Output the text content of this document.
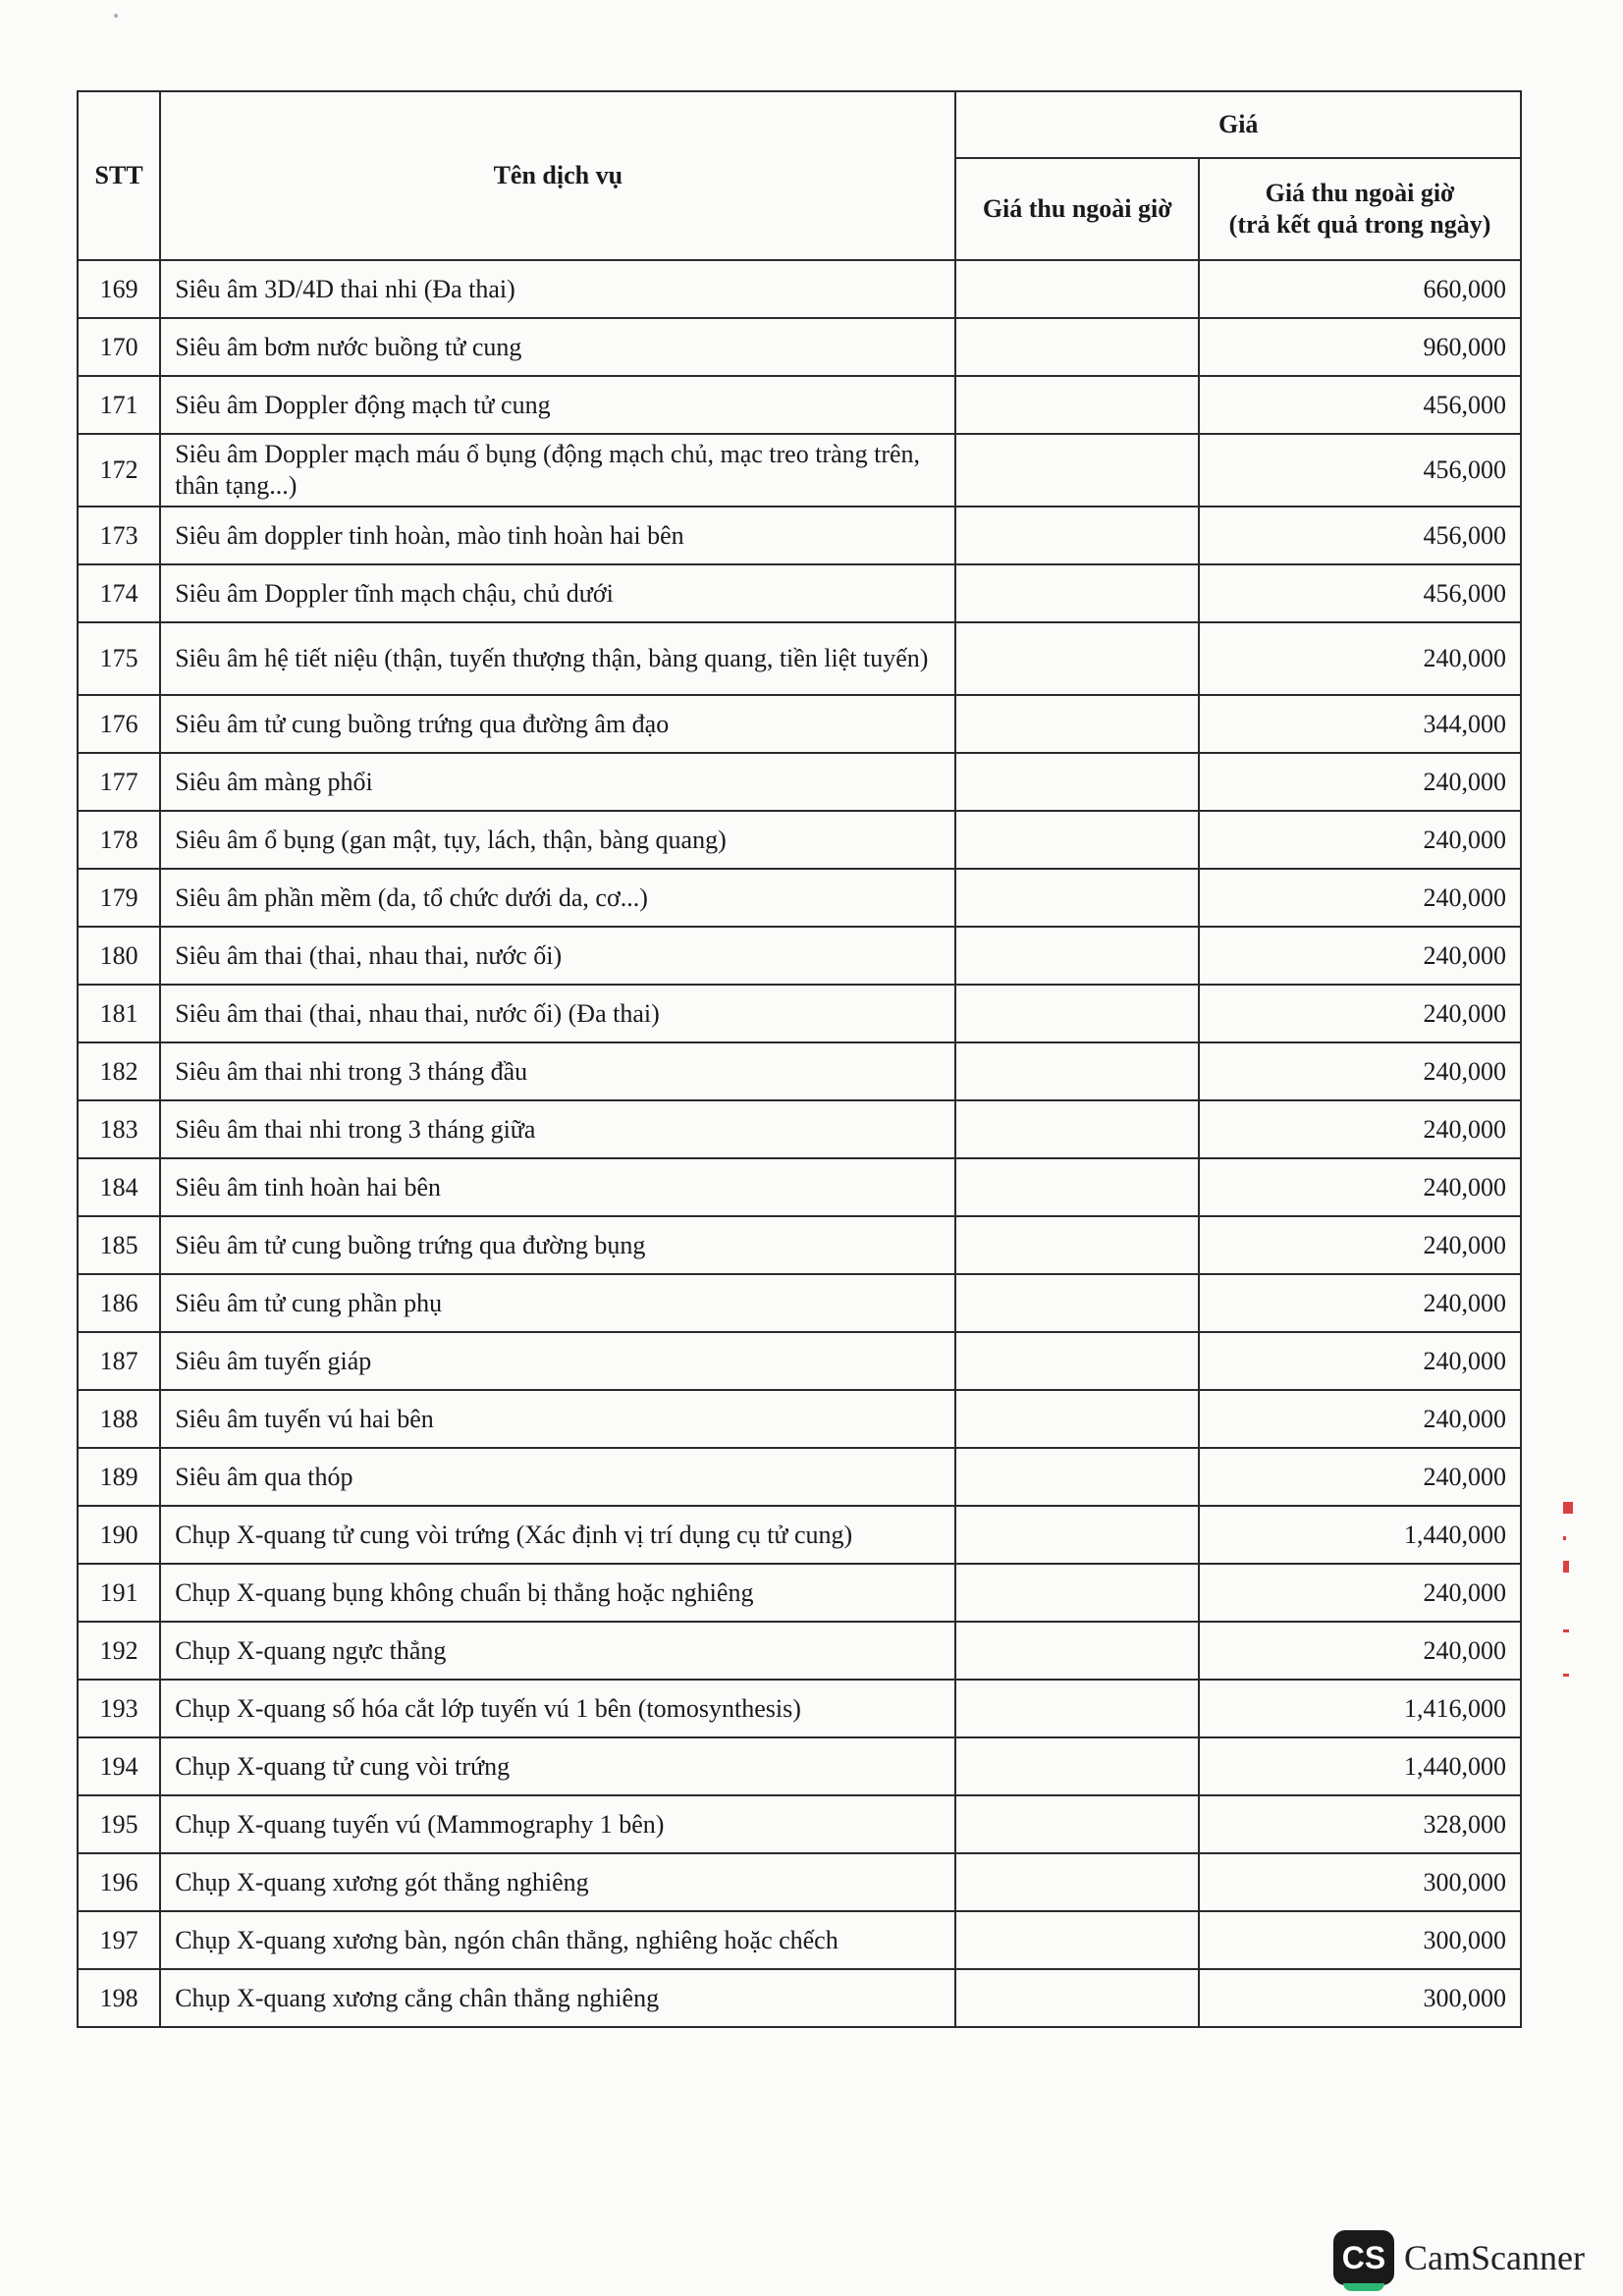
STT	Tên dịch vụ	Giá	
		Giá thu ngoài giờ	Giá thu ngoài giờ
(trả kết quả trong ngày)

169	Siêu âm 3D/4D thai nhi (Đa thai)		660,000
170	Siêu âm bơm nước buồng tử cung		960,000
171	Siêu âm Doppler động mạch tử cung		456,000
172	Siêu âm Doppler mạch máu ổ bụng (động mạch chủ, mạc treo tràng trên, thân tạng...)		456,000
173	Siêu âm doppler tinh hoàn, mào tinh hoàn hai bên		456,000
174	Siêu âm Doppler tĩnh mạch chậu, chủ dưới		456,000
175	Siêu âm hệ tiết niệu (thận, tuyến thượng thận, bàng quang, tiền liệt tuyến)		240,000
176	Siêu âm tử cung buồng trứng qua đường âm đạo		344,000
177	Siêu âm màng phổi		240,000
178	Siêu âm ổ bụng (gan mật, tụy, lách, thận, bàng quang)		240,000
179	Siêu âm phần mềm (da, tổ chức dưới da, cơ...)		240,000
180	Siêu âm thai (thai, nhau thai, nước ối)		240,000
181	Siêu âm thai (thai, nhau thai, nước ối) (Đa thai)		240,000
182	Siêu âm thai nhi trong 3 tháng đầu		240,000
183	Siêu âm thai nhi trong 3 tháng giữa		240,000
184	Siêu âm tinh hoàn hai bên		240,000
185	Siêu âm tử cung buồng trứng qua đường bụng		240,000
186	Siêu âm tử cung phần phụ		240,000
187	Siêu âm tuyến giáp		240,000
188	Siêu âm tuyến vú hai bên		240,000
189	Siêu âm qua thóp		240,000
190	Chụp X-quang tử cung vòi trứng (Xác định vị trí dụng cụ tử cung)		1,440,000
191	Chụp X-quang bụng không chuẩn bị thẳng hoặc nghiêng		240,000
192	Chụp X-quang ngực thẳng		240,000
193	Chụp X-quang số hóa cắt lớp tuyến vú 1 bên (tomosynthesis)		1,416,000
194	Chụp X-quang tử cung vòi trứng		1,440,000
195	Chụp X-quang tuyến vú (Mammography 1 bên)		328,000
196	Chụp X-quang xương gót thẳng nghiêng		300,000
197	Chụp X-quang xương bàn, ngón chân thẳng, nghiêng hoặc chếch		300,000
198	Chụp X-quang xương cẳng chân thẳng nghiêng		300,000
CS CamScanner
